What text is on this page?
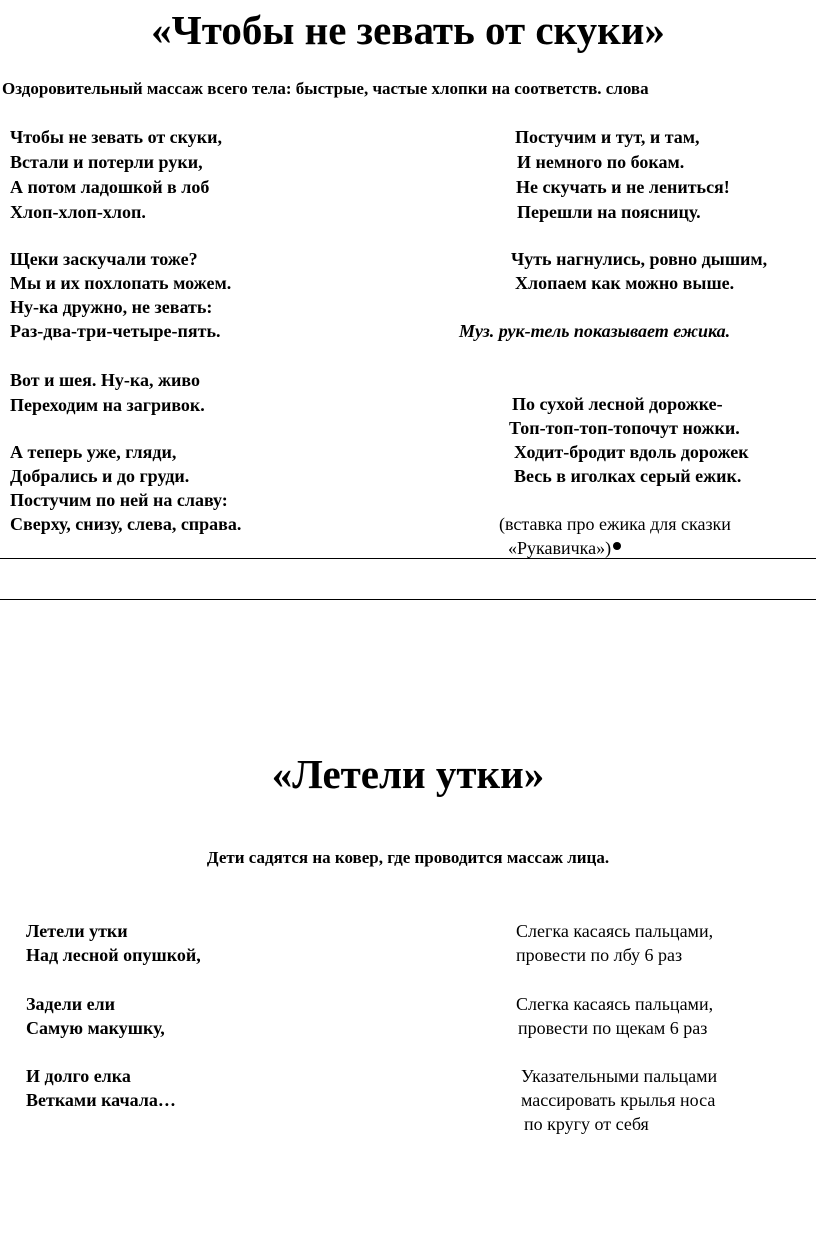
«Чтобы не зевать от скуки»
Оздоровительный массаж всего тела: быстрые, частые хлопки на соответств. слова
Чтобы не зевать от скуки,
Встали и потерли руки,
А потом ладошкой в лоб
Хлоп-хлоп-хлоп.
Щеки заскучали тоже?
Мы и их похлопать можем.
Ну-ка дружно, не зевать:
Раз-два-три-четыре-пять.
Вот и шея. Ну-ка, живо
Переходим на загривок.
А теперь уже, гляди,
Добрались и до груди.
Постучим по ней на славу:
Сверху, снизу, слева, справа.
Постучим и тут, и там,
И немного по бокам.
Не скучать и не лениться!
Перешли на поясницу.
Чуть нагнулись, ровно дышим,
Хлопаем как можно выше.
Муз. рук-тель показывает ежика.
По сухой лесной дорожке-
Топ-топ-топ-топочут ножки.
Ходит-бродит вдоль дорожек
Весь в иголках серый ежик.
(вставка про ежика для сказки
«Рукавичка»)
«Летели утки»
Дети садятся на ковер, где проводится массаж лица.
Летели утки
Над лесной опушкой,
Задели ели
Самую макушку,
И долго елка
Ветками качала…
Слегка касаясь пальцами,
провести по лбу 6 раз
Слегка касаясь пальцами,
провести по щекам 6 раз
Указательными пальцами
массировать крылья носа
по кругу от себя
